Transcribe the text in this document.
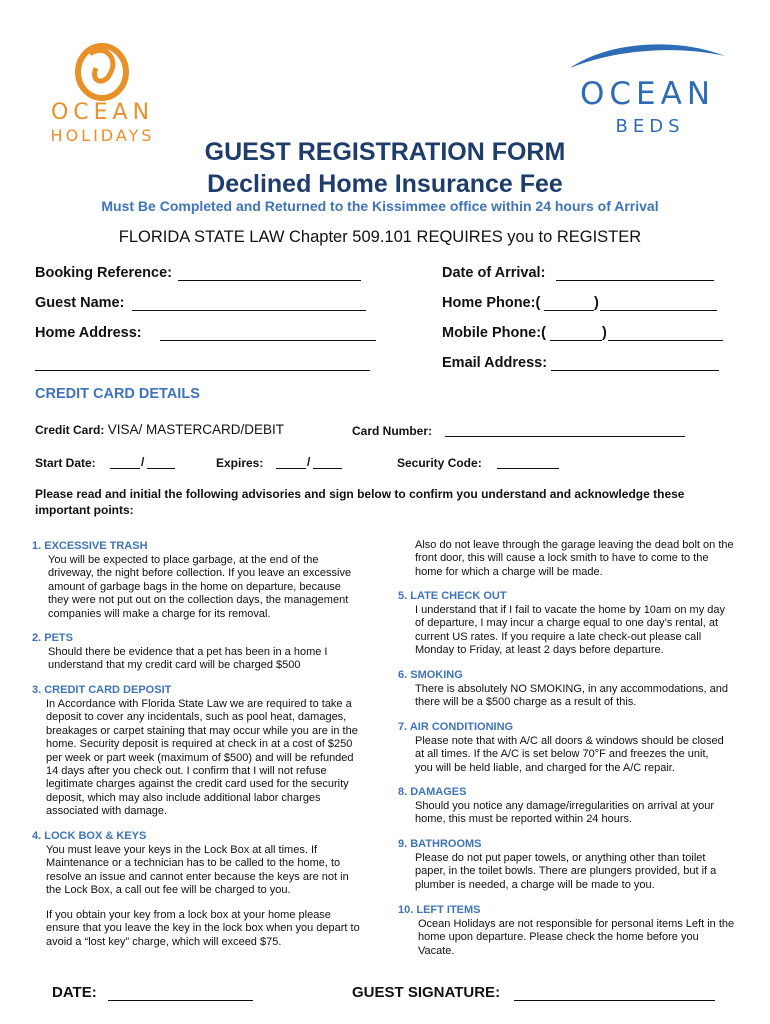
OCEAN
HOLIDAYS
OCEAN
BEDS
GUEST REGISTRATION FORM
Declined Home Insurance Fee
Must Be Completed and Returned to the Kissimmee office within 24 hours of Arrival
FLORIDA STATE LAW Chapter 509.101 REQUIRES you to REGISTER
Booking Reference:	Date of Arrival:
Guest Name:	Home Phone:(	)
Home Address:	Mobile Phone:(	)
Email Address:
CREDIT CARD DETAILS
Credit Card: VISA/ MASTERCARD/DEBIT	Card Number:
Start Date:	/	Expires:	/	Security Code:
Please read and initial the following advisories and sign below to confirm you understand and acknowledge these important points:
1. EXCESSIVE TRASH
You will be expected to place garbage, at the end of the
driveway, the night before collection. If you leave an excessive
amount of garbage bags in the home on departure, because
they were not put out on the collection days, the management
companies will make a charge for its removal.
2. PETS
Should there be evidence that a pet has been in a home I
understand that my credit card will be charged $500
3. CREDIT CARD DEPOSIT
In Accordance with Florida State Law we are required to take a
deposit to cover any incidentals, such as pool heat, damages,
breakages or carpet staining that may occur while you are in the
home. Security deposit is required at check in at a cost of $250
per week or part week (maximum of $500) and will be refunded
14 days after you check out. I confirm that I will not refuse
legitimate charges against the credit card used for the security
deposit, which may also include additional labor charges
associated with damage.
4. LOCK BOX & KEYS
You must leave your keys in the Lock Box at all times. If
Maintenance or a technician has to be called to the home, to
resolve an issue and cannot enter because the keys are not in
the Lock Box, a call out fee will be charged to you.
If you obtain your key from a lock box at your home please
ensure that you leave the key in the lock box when you depart to
avoid a “lost key” charge, which will exceed $75.
Also do not leave through the garage leaving the dead bolt on the
front door, this will cause a lock smith to have to come to the
home for which a charge will be made.
5. LATE CHECK OUT
I understand that if I fail to vacate the home by 10am on my day
of departure, I may incur a charge equal to one day’s rental, at
current US rates. If you require a late check-out please call
Monday to Friday, at least 2 days before departure.
6. SMOKING
There is absolutely NO SMOKING, in any accommodations, and
there will be a $500 charge as a result of this.
7. AIR CONDITIONING
Please note that with A/C all doors & windows should be closed
at all times. If the A/C is set below 70°F and freezes the unit,
you will be held liable, and charged for the A/C repair.
8. DAMAGES
Should you notice any damage/irregularities on arrival at your
home, this must be reported within 24 hours.
9. BATHROOMS
Please do not put paper towels, or anything other than toilet
paper, in the toilet bowls. There are plungers provided, but if a
plumber is needed, a charge will be made to you.
10. LEFT ITEMS
Ocean Holidays are not responsible for personal items Left in the
home upon departure. Please check the home before you
Vacate.
DATE:	GUEST SIGNATURE:
